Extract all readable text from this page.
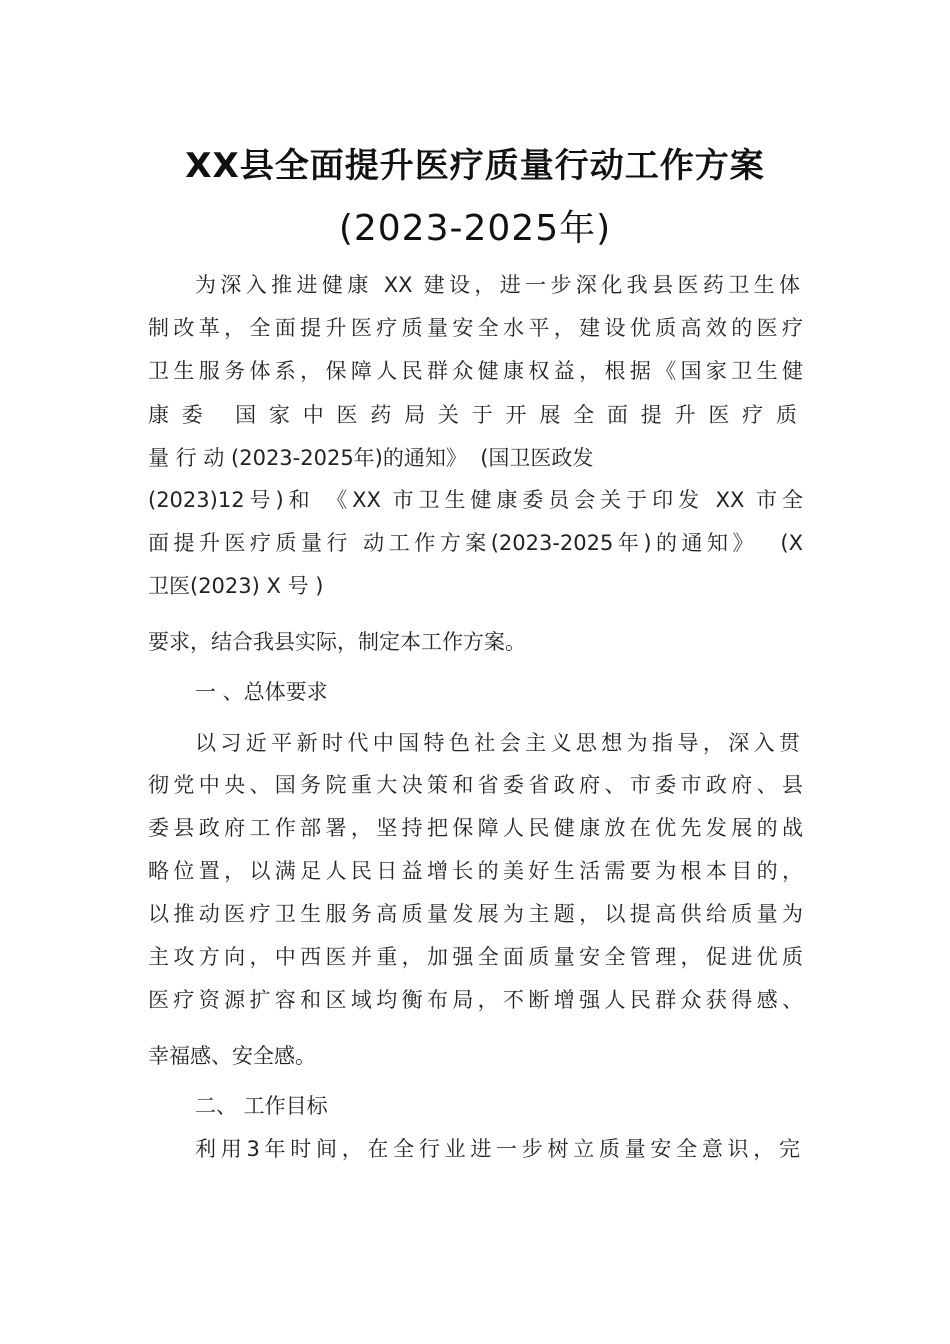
XX县全面提升医疗质量行动工作方案
(2023-2025年)
为深入推进健康 XX 建设，进一步深化我县医药卫生体
制改革，全面提升医疗质量安全水平，建设优质高效的医疗
卫生服务体系，保障人民群众健康权益，根据《国家卫生健
康委 国家中医药局关于开展全面提升医疗质
量 行 动 (2023-2025年)的通知》  (国卫医政发
(2023)12号)和 《XX 市卫生健康委员会关于印发 XX 市全
面提升医疗质量行 动工作方案(2023-2025年)的通知》  (X
卫医(2023) X 号 )
要求，结合我县实际，制定本工作方案。
一 、总体要求
以习近平新时代中国特色社会主义思想为指导，深入贯
彻党中央、国务院重大决策和省委省政府、市委市政府、县
委县政府工作部署，坚持把保障人民健康放在优先发展的战
略位置，以满足人民日益增长的美好生活需要为根本目的，
以推动医疗卫生服务高质量发展为主题，以提高供给质量为
主攻方向，中西医并重，加强全面质量安全管理，促进优质
医疗资源扩容和区域均衡布局，不断增强人民群众获得感、
幸福感、安全感。
二、 工作目标
利用3年时间，在全行业进一步树立质量安全意识，完
